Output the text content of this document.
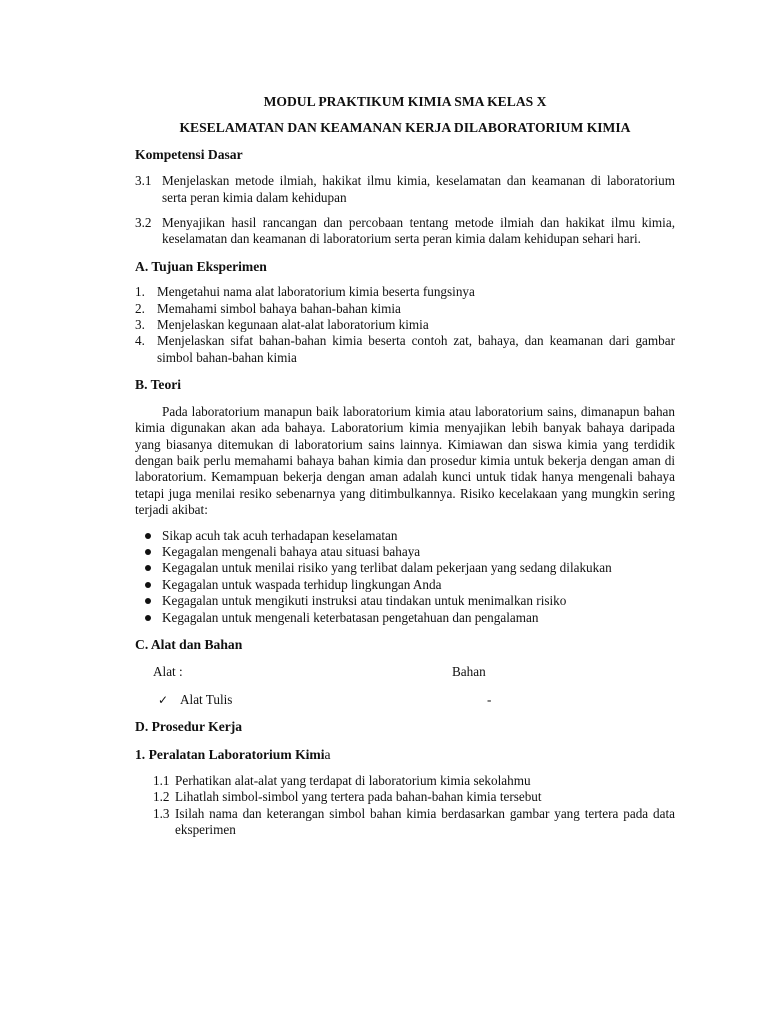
MODUL PRAKTIKUM KIMIA SMA KELAS X

KESELAMATAN DAN KEAMANAN KERJA DILABORATORIUM KIMIA

Kompetensi Dasar

3.1 Menjelaskan metode ilmiah, hakikat ilmu kimia, keselamatan dan keamanan di laboratorium serta peran kimia dalam kehidupan
3.2 Menyajikan hasil rancangan dan percobaan tentang metode ilmiah dan hakikat ilmu kimia, keselamatan dan keamanan di laboratorium serta peran kimia dalam kehidupan sehari hari.

A. Tujuan Eksperimen

1. Mengetahui nama alat laboratorium kimia beserta fungsinya
2. Memahami simbol bahaya bahan-bahan kimia
3. Menjelaskan kegunaan alat-alat laboratorium kimia
4. Menjelaskan sifat bahan-bahan kimia beserta contoh zat, bahaya, dan keamanan dari gambar simbol bahan-bahan kimia

B. Teori

Pada laboratorium manapun baik laboratorium kimia atau laboratorium sains, dimanapun bahan kimia digunakan akan ada bahaya. Laboratorium kimia menyajikan lebih banyak bahaya daripada yang biasanya ditemukan di laboratorium sains lainnya. Kimiawan dan siswa kimia yang terdidik dengan baik perlu memahami bahaya bahan kimia dan prosedur kimia untuk bekerja dengan aman di laboratorium. Kemampuan bekerja dengan aman adalah kunci untuk tidak hanya mengenali bahaya tetapi juga menilai resiko sebenarnya yang ditimbulkannya. Risiko kecelakaan yang mungkin sering terjadi akibat:

Sikap acuh tak acuh terhadapan keselamatan
Kegagalan mengenali bahaya atau situasi bahaya
Kegagalan untuk menilai risiko yang terlibat dalam pekerjaan yang sedang dilakukan
Kegagalan untuk waspada terhidup lingkungan Anda
Kegagalan untuk mengikuti instruksi atau tindakan untuk menimalkan risiko
Kegagalan untuk mengenali keterbatasan pengetahuan dan pengalaman

C. Alat dan Bahan

Alat :	Bahan
✓ Alat Tulis	-

D. Prosedur Kerja

1. Peralatan Laboratorium Kimia

1.1 Perhatikan alat-alat yang terdapat di laboratorium kimia sekolahmu
1.2 Lihatlah simbol-simbol yang tertera pada bahan-bahan kimia tersebut
1.3 Isilah nama dan keterangan simbol bahan kimia berdasarkan gambar yang tertera pada data eksperimen
